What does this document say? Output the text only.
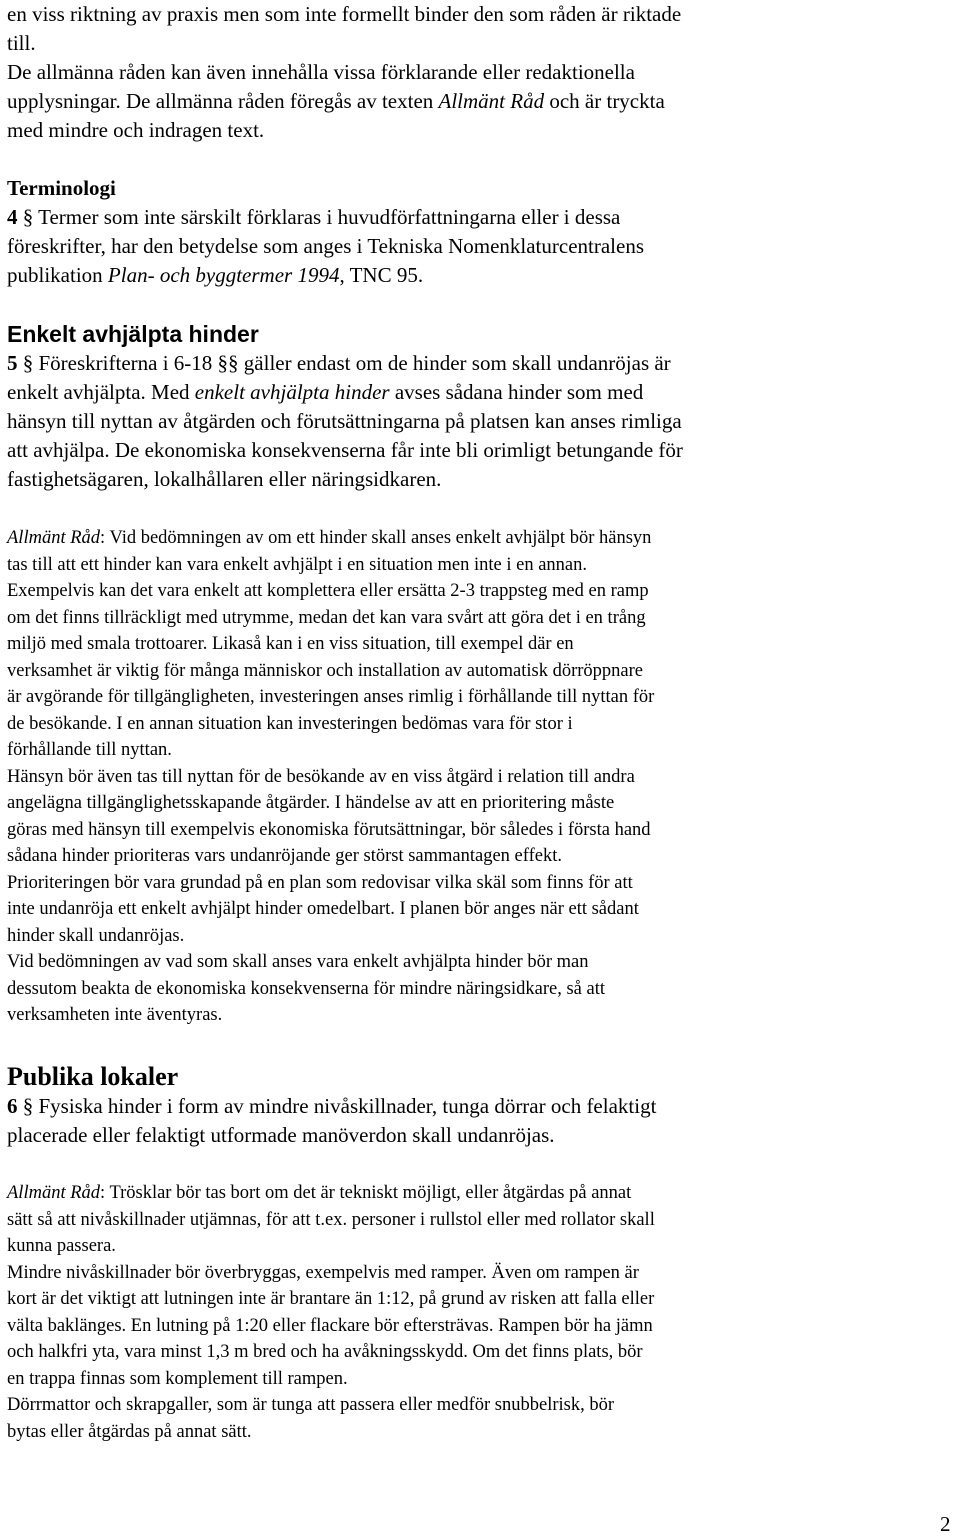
en viss riktning av praxis men som inte formellt binder den som råden är riktade

till.

De allmänna råden kan även innehålla vissa förklarande eller redaktionella

upplysningar. De allmänna råden föregås av texten Allmänt Råd och är tryckta

med mindre och indragen text.

Terminologi

4 § Termer som inte särskilt förklaras i huvudförfattningarna eller i dessa

föreskrifter, har den betydelse som anges i Tekniska Nomenklaturcentralens

publikation Plan- och byggtermer 1994, TNC 95.

Enkelt avhjälpta hinder

5 § Föreskrifterna i 6-18 §§ gäller endast om de hinder som skall undanröjas är

enkelt avhjälpta. Med enkelt avhjälpta hinder avses sådana hinder som med

hänsyn till nyttan av åtgärden och förutsättningarna på platsen kan anses rimliga

att avhjälpa. De ekonomiska konsekvenserna får inte bli orimligt betungande för

fastighetsägaren, lokalhållaren eller näringsidkaren.

Allmänt Råd: Vid bedömningen av om ett hinder skall anses enkelt avhjälpt bör hänsyn

tas till att ett hinder kan vara enkelt avhjälpt i en situation men inte i en annan.

Exempelvis kan det vara enkelt att komplettera eller ersätta 2-3 trappsteg med en ramp

om det finns tillräckligt med utrymme, medan det kan vara svårt att göra det i en trång

miljö med smala trottoarer. Likaså kan i en viss situation, till exempel där en

verksamhet är viktig för många människor och installation av automatisk dörröppnare

är avgörande för tillgängligheten, investeringen anses rimlig i förhållande till nyttan för

de besökande. I en annan situation kan investeringen bedömas vara för stor i

förhållande till nyttan.

Hänsyn bör även tas till nyttan för de besökande av en viss åtgärd i relation till andra

angelägna tillgänglighetsskapande åtgärder. I händelse av att en prioritering måste

göras med hänsyn till exempelvis ekonomiska förutsättningar, bör således i första hand

sådana hinder prioriteras vars undanröjande ger störst sammantagen effekt.

Prioriteringen bör vara grundad på en plan som redovisar vilka skäl som finns för att

inte undanröja ett enkelt avhjälpt hinder omedelbart. I planen bör anges när ett sådant

hinder skall undanröjas.

Vid bedömningen av vad som skall anses vara enkelt avhjälpta hinder bör man

dessutom beakta de ekonomiska konsekvenserna för mindre näringsidkare, så att

verksamheten inte äventyras.

Publika lokaler

6 § Fysiska hinder i form av mindre nivåskillnader, tunga dörrar och felaktigt

placerade eller felaktigt utformade manöverdon skall undanröjas.

Allmänt Råd: Trösklar bör tas bort om det är tekniskt möjligt, eller åtgärdas på annat

sätt så att nivåskillnader utjämnas, för att t.ex. personer i rullstol eller med rollator skall

kunna passera.

Mindre nivåskillnader bör överbryggas, exempelvis med ramper. Även om rampen är

kort är det viktigt att lutningen inte är brantare än 1:12, på grund av risken att falla eller

välta baklänges. En lutning på 1:20 eller flackare bör eftersträvas. Rampen bör ha jämn

och halkfri yta, vara minst 1,3 m bred och ha avåkningsskydd. Om det finns plats, bör

en trappa finnas som komplement till rampen.

Dörrmattor och skrapgaller, som är tunga att passera eller medför snubbelrisk, bör

bytas eller åtgärdas på annat sätt.

2
